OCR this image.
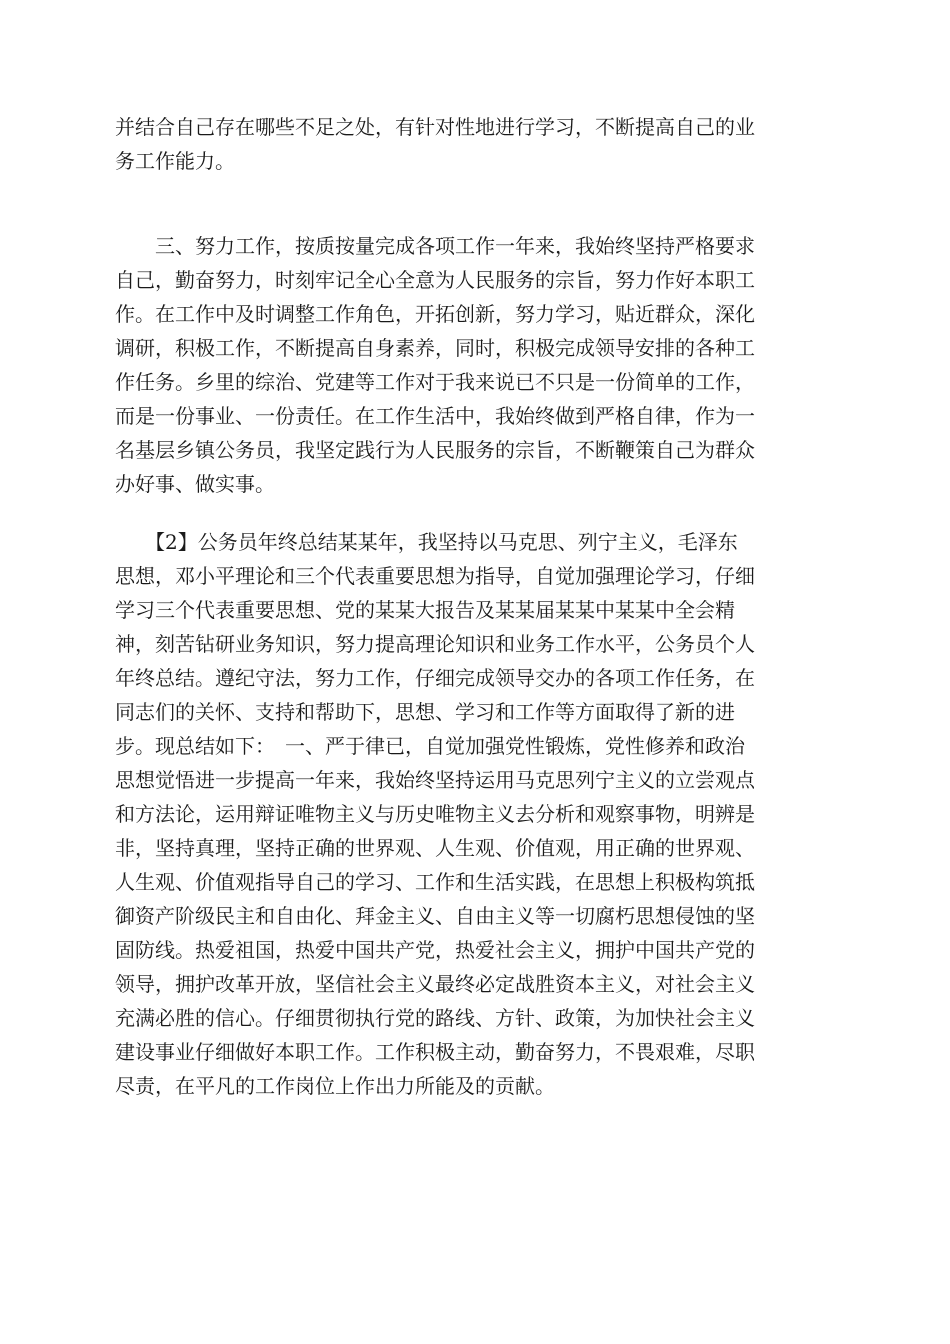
并结合自己存在哪些不足之处，有针对性地进行学习，不断提高自己的业
务工作能力。
　　三、努力工作，按质按量完成各项工作一年来，我始终坚持严格要求
自己，勤奋努力，时刻牢记全心全意为人民服务的宗旨，努力作好本职工
作。在工作中及时调整工作角色，开拓创新，努力学习，贴近群众，深化
调研，积极工作，不断提高自身素养，同时，积极完成领导安排的各种工
作任务。乡里的综治、党建等工作对于我来说已不只是一份简单的工作，
而是一份事业、一份责任。在工作生活中，我始终做到严格自律，作为一
名基层乡镇公务员，我坚定践行为人民服务的宗旨，不断鞭策自己为群众
办好事、做实事。
　　【2】公务员年终总结某某年，我坚持以马克思、列宁主义，毛泽东
思想，邓小平理论和三个代表重要思想为指导，自觉加强理论学习，仔细
学习三个代表重要思想、党的某某大报告及某某届某某中某某中全会精
神，刻苦钻研业务知识，努力提高理论知识和业务工作水平，公务员个人
年终总结。遵纪守法，努力工作，仔细完成领导交办的各项工作任务，在
同志们的关怀、支持和帮助下，思想、学习和工作等方面取得了新的进
步。现总结如下：　一、严于律已，自觉加强党性锻炼，党性修养和政治
思想觉悟进一步提高一年来，我始终坚持运用马克思列宁主义的立尝观点
和方法论，运用辩证唯物主义与历史唯物主义去分析和观察事物，明辨是
非，坚持真理，坚持正确的世界观、人生观、价值观，用正确的世界观、
人生观、价值观指导自己的学习、工作和生活实践，在思想上积极构筑抵
御资产阶级民主和自由化、拜金主义、自由主义等一切腐朽思想侵蚀的坚
固防线。热爱祖国，热爱中国共产党，热爱社会主义，拥护中国共产党的
领导，拥护改革开放，坚信社会主义最终必定战胜资本主义，对社会主义
充满必胜的信心。仔细贯彻执行党的路线、方针、政策，为加快社会主义
建设事业仔细做好本职工作。工作积极主动，勤奋努力，不畏艰难，尽职
尽责，在平凡的工作岗位上作出力所能及的贡献。
